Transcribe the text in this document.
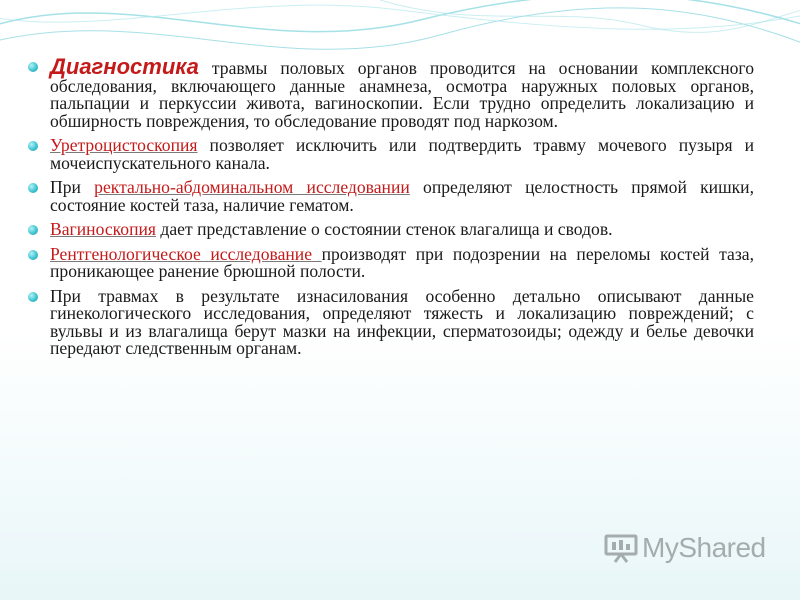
Диагностика травмы половых органов проводится на основании комплексного обследования, включающего данные анамнеза, осмотра наружных половых органов, пальпации и перкуссии живота, вагиноскопии. Если трудно определить локализацию и обширность повреждения, то обследование проводят под наркозом.
Уретроцистоскопия позволяет исключить или подтвердить травму мочевого пузыря и мочеиспускательного канала.
При ректально-абдоминальном исследовании определяют целостность прямой кишки, состояние костей таза, наличие гематом.
Вагиноскопия дает представление о состоянии стенок влагалища и сводов.
Рентгенологическое исследование производят при подозрении на переломы костей таза, проникающее ранение брюшной полости.
При травмах в результате изнасилования особенно детально описывают данные гинекологического исследования, определяют тяжесть и локализацию повреждений; с вульвы и из влагалища берут мазки на инфекции, сперматозоиды; одежду и белье девочки передают следственным органам.
MyShared
